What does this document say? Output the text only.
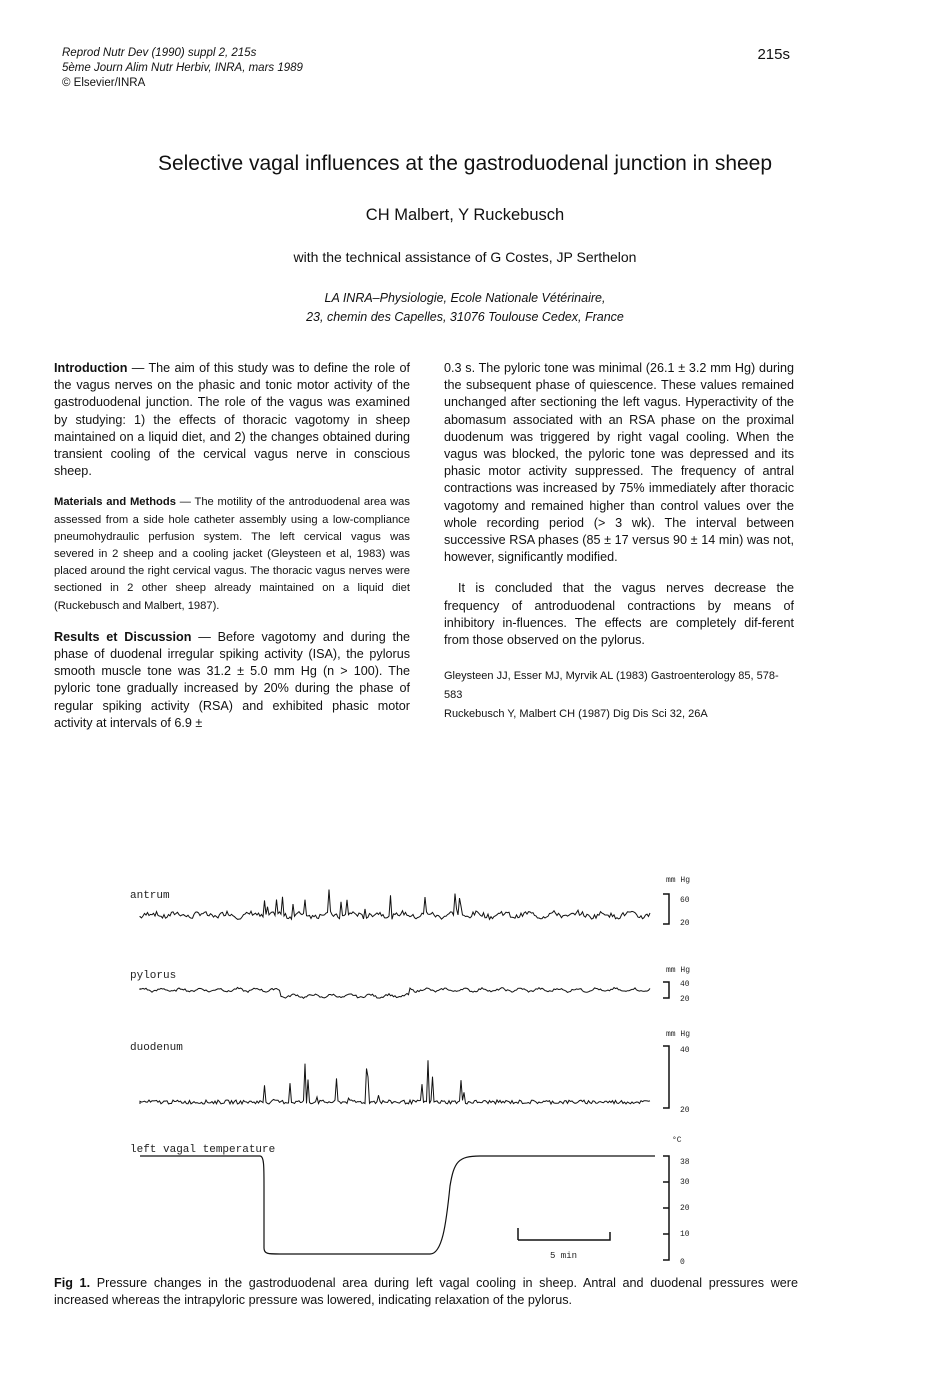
Reprod Nutr Dev (1990) suppl 2, 215s
5ème Journ Alim Nutr Herbiv, INRA, mars 1989
© Elsevier/INRA
215s
Selective vagal influences at the gastroduodenal junction in sheep
CH Malbert, Y Ruckebusch
with the technical assistance of G Costes, JP Serthelon
LA INRA–Physiologie, Ecole Nationale Vétérinaire,
23, chemin des Capelles, 31076 Toulouse Cedex, France

Introduction — The aim of this study was to define the role of the vagus nerves on the phasic and tonic motor activity of the gastroduodenal junction. The role of the vagus was examined by studying: 1) the effects of thoracic vagotomy in sheep maintained on a liquid diet, and 2) the changes obtained during transient cooling of the cervical vagus nerve in conscious sheep.

Materials and Methods — The motility of the antroduodenal area was assessed from a side hole catheter assembly using a low-compliance pneumohydraulic perfusion system. The left cervical vagus was severed in 2 sheep and a cooling jacket (Gleysteen et al, 1983) was placed around the right cervical vagus. The thoracic vagus nerves were sectioned in 2 other sheep already maintained on a liquid diet (Ruckebusch and Malbert, 1987).

Results et Discussion — Before vagotomy and during the phase of duodenal irregular spiking activity (ISA), the pylorus smooth muscle tone was 31.2 ± 5.0 mm Hg (n > 100). The pyloric tone gradually increased by 20% during the phase of regular spiking activity (RSA) and exhibited phasic motor activity at intervals of 6.9 ±

0.3 s. The pyloric tone was minimal (26.1 ± 3.2 mm Hg) during the subsequent phase of quiescence. These values remained unchanged after sectioning the left vagus. Hyperactivity of the abomasum associated with an RSA phase on the proximal duodenum was triggered by right vagal cooling. When the vagus was blocked, the pyloric tone was depressed and its phasic motor activity suppressed. The frequency of antral contractions was increased by 75% immediately after thoracic vagotomy and remained higher than control values over the whole recording period (> 3 wk). The interval between successive RSA phases (85 ± 17 versus 90 ± 14 min) was not, however, significantly modified.

It is concluded that the vagus nerves decrease the frequency of antroduodenal contractions by means of inhibitory in-fluences. The effects are completely dif-ferent from those observed on the pylorus.

Gleysteen JJ, Esser MJ, Myrvik AL (1983) Gastroenterology 85, 578-583
Ruckebusch Y, Malbert CH (1987) Dig Dis Sci 32, 26A
antrum
pylorus
duodenum
left vagal temperature
mm Hg
60
20
mm Hg
40
20
mm Hg
40
20
°C
38
30
20
10
0
5 min
Fig 1. Pressure changes in the gastroduodenal area during left vagal cooling in sheep. Antral and duodenal pressures were increased whereas the intrapyloric pressure was lowered, indicating relaxation of the pylorus.
